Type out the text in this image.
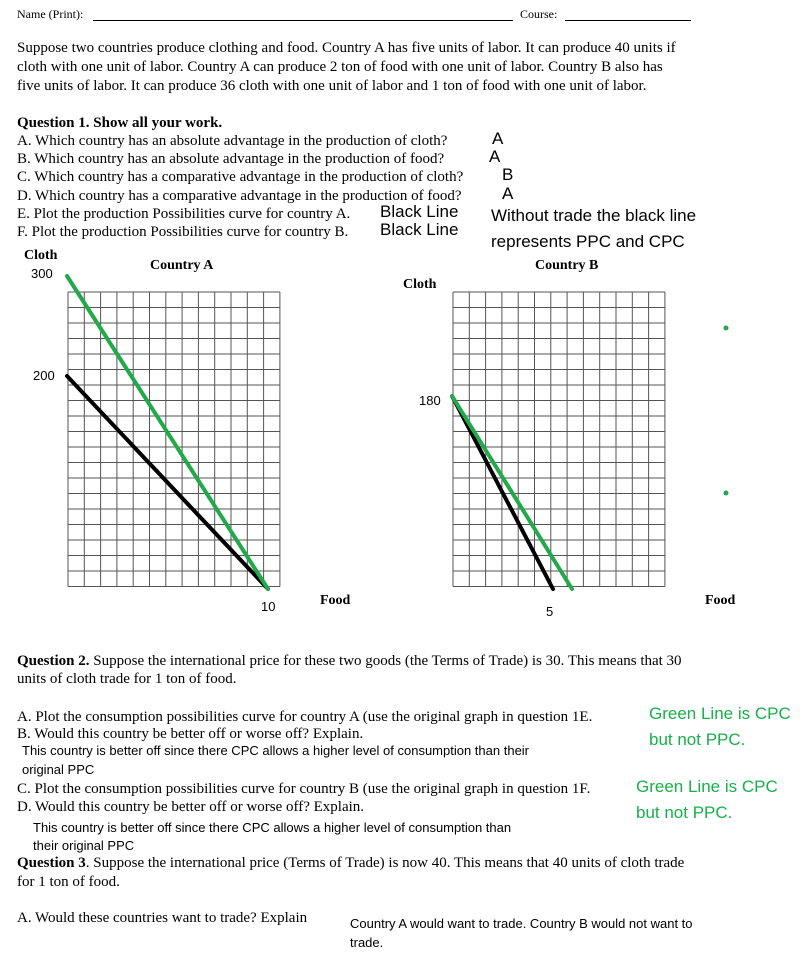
Name (Print):	Course:
Suppose two countries produce clothing and food. Country A has five units of labor. It can produce 40 units if
cloth with one unit of labor. Country A can produce 2 ton of food with one unit of labor. Country B also has
five units of labor. It can produce 36 cloth with one unit of labor and 1 ton of food with one unit of labor.
Question 1. Show all your work.
A. Which country has an absolute advantage in the production of cloth?	A
B. Which country has an absolute advantage in the production of food?	A
C. Which country has a comparative advantage in the production of cloth? B
D. Which country has a comparative advantage in the production of food? A
E. Plot the production Possibilities curve for country A. Black Line
F. Plot the production Possibilities curve for country B. Black Line
Without trade the black line
represents PPC and CPC
Cloth
Country A
300
200
10	Food
Cloth
Country B
180
5
Food
Question 2. Suppose the international price for these two goods (the Terms of Trade) is 30. This means that 30
units of cloth trade for 1 ton of food.
A. Plot the consumption possibilities curve for country A (use the original graph in question 1E.	Green Line is CPC
but not PPC.
B. Would this country be better off or worse off? Explain.
This country is better off since there CPC allows a higher level of consumption than their
original PPC
C. Plot the consumption possibilities curve for country B (use the original graph in question 1F.	Green Line is CPC
but not PPC.
D. Would this country be better off or worse off? Explain.
This country is better off since there CPC allows a higher level of consumption than
their original PPC
Question 3. Suppose the international price (Terms of Trade) is now 40. This means that 40 units of cloth trade
for 1 ton of food.
A. Would these countries want to trade? Explain	Country A would want to trade. Country B would not want to
trade.
